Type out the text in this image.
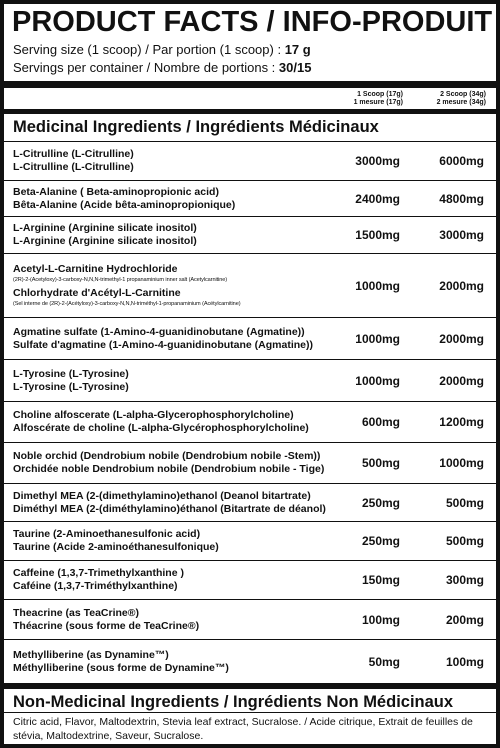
PRODUCT FACTS / INFO-PRODUIT
Serving size (1 scoop) / Par portion (1 scoop) : 17 g
Servings per container / Nombre de portions : 30/15
1 Scoop (17g)
1 mesure (17g)
2 Scoop (34g)
2 mesure (34g)
Medicinal Ingredients / Ingrédients Médicinaux
L-Citrulline (L-Citrulline)
L-Citrulline (L-Citrulline)	3000mg	6000mg
Beta-Alanine ( Beta-aminopropionic acid)
Bêta-Alanine (Acide bêta-aminopropionique)	2400mg	4800mg
L-Arginine (Arginine silicate inositol)
L-Arginine (Arginine silicate inositol)	1500mg	3000mg
Acetyl-L-Carnitine Hydrochloride
(2R)-2-(Acetyloxy)-3-carboxy-N,N,N-trimethyl-1 propanaminium inner salt (Acetylcarnitine)
Chlorhydrate d'Acétyl-L-Carnitine
(Sel interne de (2R)-2-(Acétyloxy)-3-carboxy-N,N,N-triméthyl-1-propanaminium (Acétylcarnitine)
1000mg	2000mg
Agmatine sulfate (1-Amino-4-guanidinobutane (Agmatine))
Sulfate d'agmatine (1-Amino-4-guanidinobutane (Agmatine))	1000mg	2000mg
L-Tyrosine (L-Tyrosine)
L-Tyrosine (L-Tyrosine)	1000mg	2000mg
Choline alfoscerate (L-alpha-Glycerophosphorylcholine)
Alfoscérate de choline (L-alpha-Glycérophosphorylcholine)	600mg	1200mg
Noble orchid (Dendrobium nobile (Dendrobium nobile -Stem))
Orchidée noble Dendrobium nobile (Dendrobium nobile - Tige)	500mg	1000mg
Dimethyl MEA (2-(dimethylamino)ethanol (Deanol bitartrate)
Diméthyl MEA (2-(diméthylamino)éthanol (Bitartrate de déanol)	250mg	500mg
Taurine (2-Aminoethanesulfonic acid)
Taurine (Acide 2-aminoéthanesulfonique)	250mg	500mg
Caffeine (1,3,7-Trimethylxanthine )
Caféine (1,3,7-Triméthylxanthine)	150mg	300mg
Theacrine (as TeaCrine®)
Théacrine (sous forme de TeaCrine®)	100mg	200mg
Methylliberine (as Dynamine™)
Méthylliberine (sous forme de Dynamine™)	50mg	100mg
Non-Medicinal Ingredients / Ingrédients Non Médicinaux
Citric acid, Flavor, Maltodextrin, Stevia leaf extract, Sucralose. / Acide citrique, Extrait de feuilles de stévia, Maltodextrine, Saveur, Sucralose.
